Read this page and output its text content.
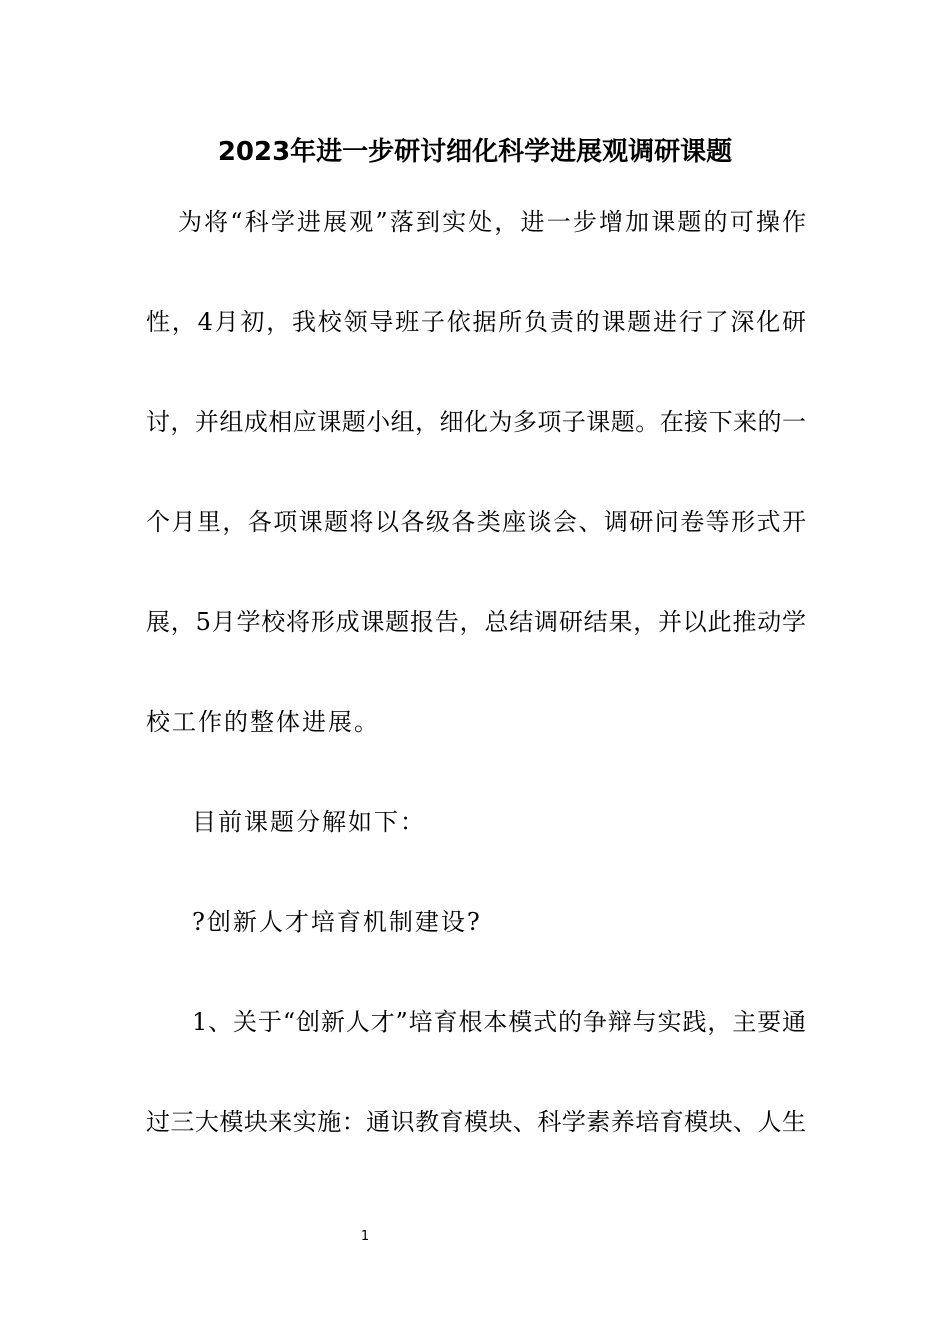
2023年进一步研讨细化科学进展观调研课题
为将“科学进展观”落到实处，进一步增加课题的可操作
性，4月初，我校领导班子依据所负责的课题进行了深化研
讨，并组成相应课题小组，细化为多项子课题。在接下来的一
个月里，各项课题将以各级各类座谈会、调研问卷等形式开
展，5月学校将形成课题报告，总结调研结果，并以此推动学
校工作的整体进展。
目前课题分解如下：
?创新人才培育机制建设?
1、关于“创新人才”培育根本模式的争辩与实践，主要通
过三大模块来实施：通识教育模块、科学素养培育模块、人生
1
